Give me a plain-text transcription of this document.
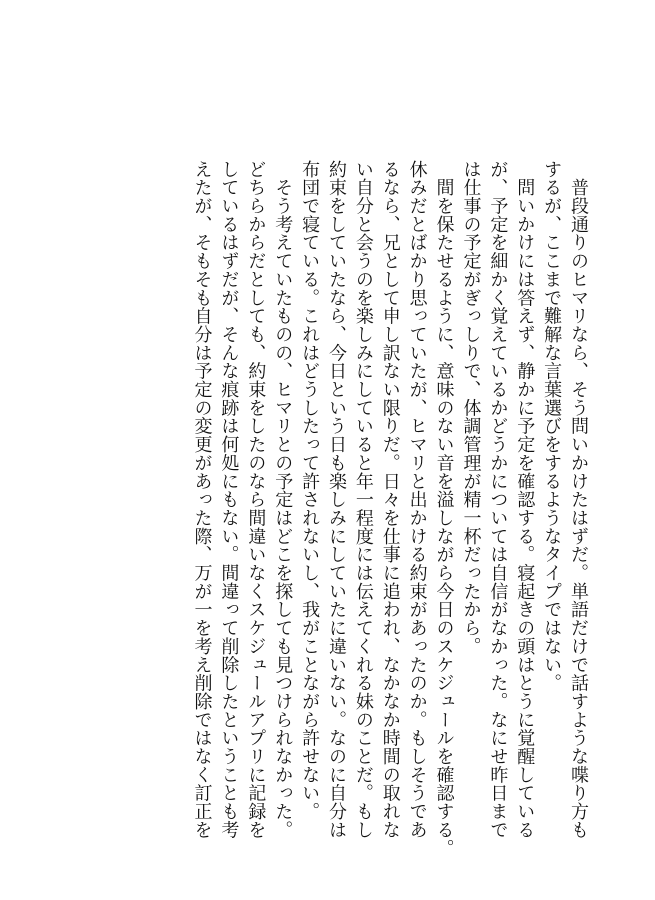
　普段通りのヒマリなら、そう問いかけたはずだ。単語だけで話すような喋り方も
するが、ここまで難解な言葉選びをするようなタイプではない。
　問いかけには答えず、静かに予定を確認する。寝起きの頭はとうに覚醒している
が、予定を細かく覚えているかどうかについては自信がなかった。なにせ昨日まで
は仕事の予定がぎっしりで、体調管理が精一杯だったから。
　間を保たせるように、意味のない音を溢しながら今日のスケジュールを確認する。
休みだとばかり思っていたが、ヒマリと出かける約束があったのか。もしそうであ
るなら、兄として申し訳ない限りだ。日々を仕事に追われ、なかなか時間の取れな
い自分と会うのを楽しみにしていると年一程度には伝えてくれる妹のことだ。もし
約束をしていたなら、今日という日も楽しみにしていたに違いない。なのに自分は
布団で寝ている。これはどうしたって許されないし、我がことながら許せない。
　そう考えていたものの、ヒマリとの予定はどこを探しても見つけられなかった。
どちらからだとしても、約束をしたのなら間違いなくスケジュールアプリに記録を
しているはずだが、そんな痕跡は何処にもない。間違って削除したということも考
えたが、そもそも自分は予定の変更があった際、万が一を考え削除ではなく訂正を
